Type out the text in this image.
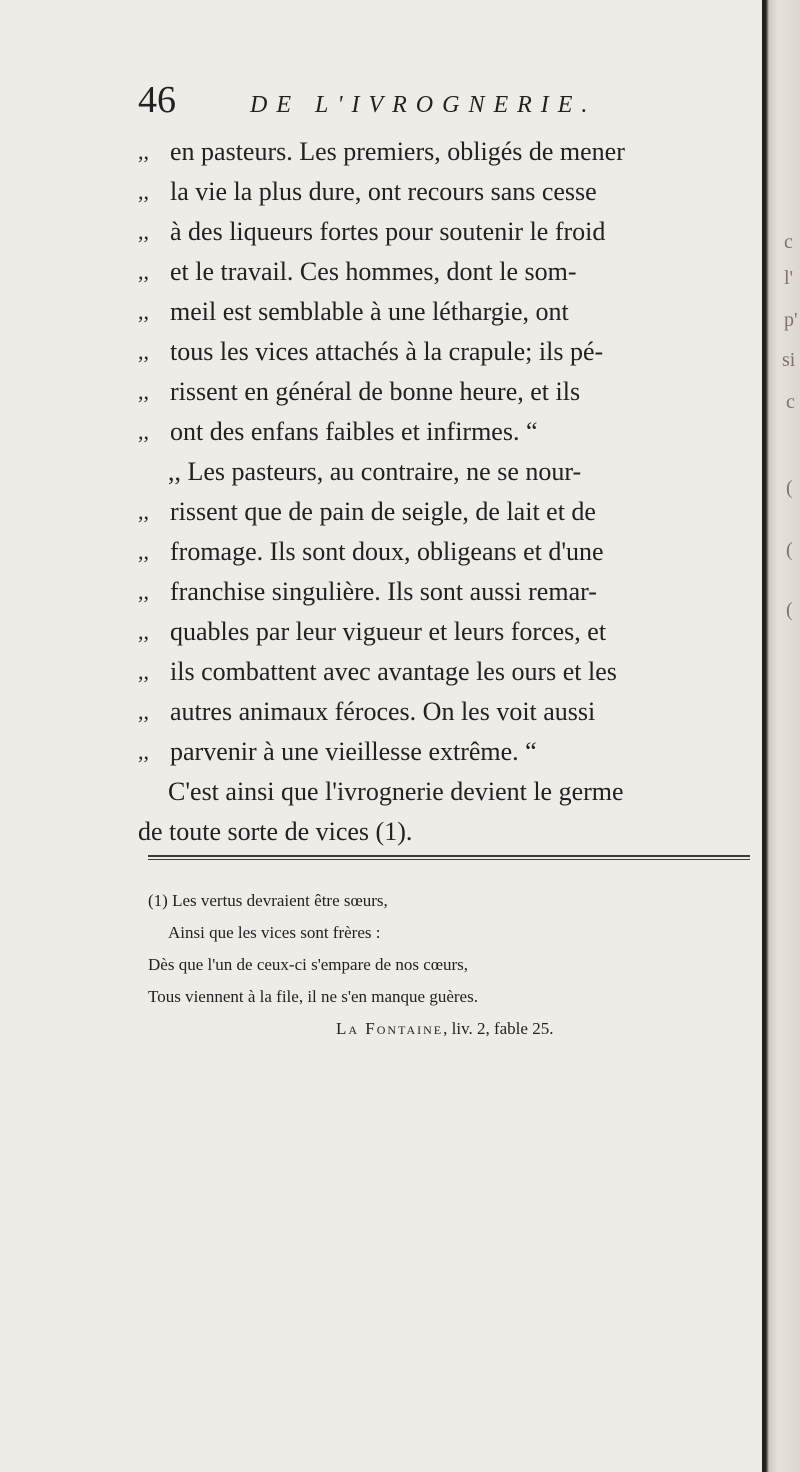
46	DE L'IVROGNERIE.
,, en pasteurs. Les premiers, obligés de mener
,, la vie la plus dure, ont recours sans cesse
,, à des liqueurs fortes pour soutenir le froid
,, et le travail. Ces hommes, dont le som-
,, meil est semblable à une léthargie, ont
,, tous les vices attachés à la crapule; ils pé-
,, rissent en général de bonne heure, et ils
,, ont des enfans faibles et infirmes. “
,, Les pasteurs, au contraire, ne se nour-
,, rissent que de pain de seigle, de lait et de
,, fromage. Ils sont doux, obligeans et d'une
,, franchise singulière. Ils sont aussi remar-
,, quables par leur vigueur et leurs forces, et
,, ils combattent avec avantage les ours et les
,, autres animaux féroces. On les voit aussi
,, parvenir à une vieillesse extrême. “
C'est ainsi que l'ivrognerie devient le germe
de toute sorte de vices (1).
(1) Les vertus devraient être sœurs,
Ainsi que les vices sont frères :
Dès que l'un de ceux-ci s'empare de nos cœurs,
Tous viennent à la file, il ne s'en manque guères.
La Fontaine, liv. 2, fable 25.
c
l'
p'
si
c
(
(
(
